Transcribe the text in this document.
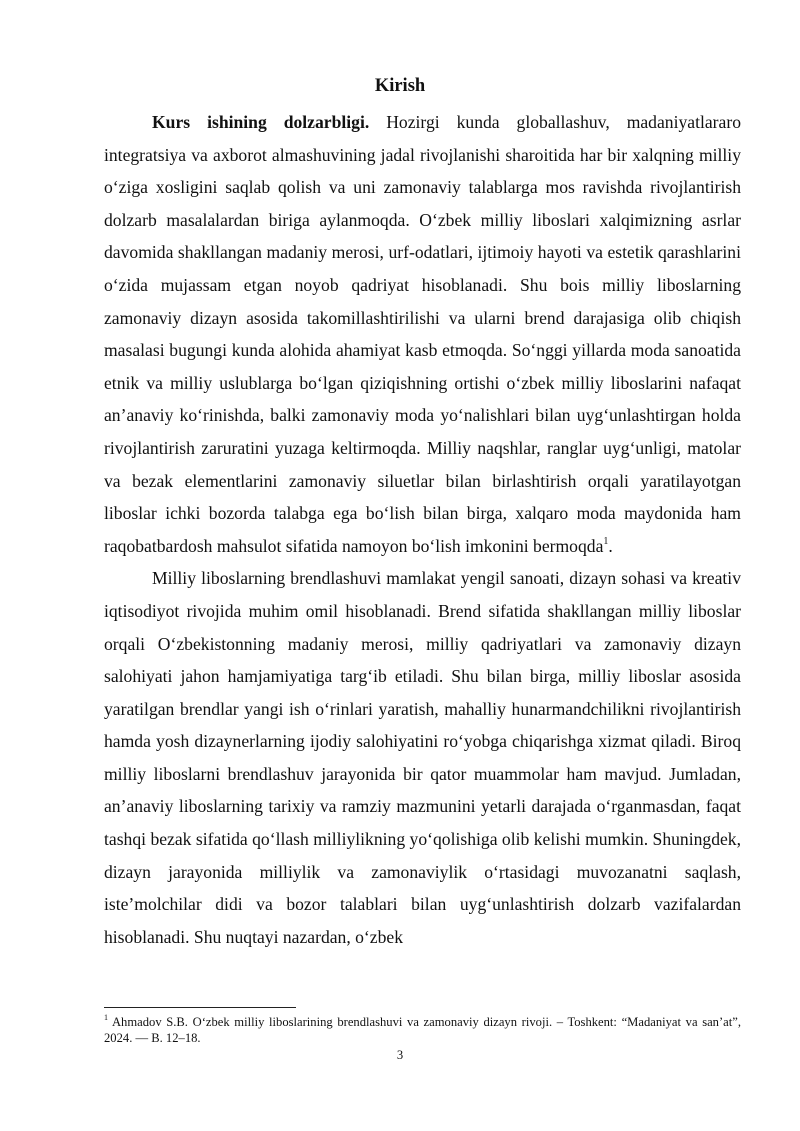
Kirish

Kurs ishining dolzarbligi. Hozirgi kunda globallashuv, madaniyatlararo integratsiya va axborot almashuvining jadal rivojlanishi sharoitida har bir xalqning milliy o‘ziga xosligini saqlab qolish va uni zamonaviy talablarga mos ravishda rivojlantirish dolzarb masalalardan biriga aylanmoqda. O‘zbek milliy liboslari xalqimizning asrlar davomida shakllangan madaniy merosi, urf-odatlari, ijtimoiy hayoti va estetik qarashlarini o‘zida mujassam etgan noyob qadriyat hisoblanadi. Shu bois milliy liboslarning zamonaviy dizayn asosida takomillashtirilishi va ularni brend darajasiga olib chiqish masalasi bugungi kunda alohida ahamiyat kasb etmoqda. So‘nggi yillarda moda sanoatida etnik va milliy uslublarga bo‘lgan qiziqishning ortishi o‘zbek milliy liboslarini nafaqat an’anaviy ko‘rinishda, balki zamonaviy moda yo‘nalishlari bilan uyg‘unlashtirgan holda rivojlantirish zaruratini yuzaga keltirmoqda. Milliy naqshlar, ranglar uyg‘unligi, matolar va bezak elementlarini zamonaviy siluetlar bilan birlashtirish orqali yaratilayotgan liboslar ichki bozorda talabga ega bo‘lish bilan birga, xalqaro moda maydonida ham raqobatbardosh mahsulot sifatida namoyon bo‘lish imkonini bermoqda$^1$.

Milliy liboslarning brendlashuvi mamlakat yengil sanoati, dizayn sohasi va kreativ iqtisodiyot rivojida muhim omil hisoblanadi. Brend sifatida shakllangan milliy liboslar orqali O‘zbekistonning madaniy merosi, milliy qadriyatlari va zamonaviy dizayn salohiyati jahon hamjamiyatiga targ‘ib etiladi. Shu bilan birga, milliy liboslar asosida yaratilgan brendlar yangi ish o‘rinlari yaratish, mahalliy hunarmandchilikni rivojlantirish hamda yosh dizaynerlarning ijodiy salohiyatini ro‘yobga chiqarishga xizmat qiladi. Biroq milliy liboslarni brendlashuv jarayonida bir qator muammolar ham mavjud. Jumladan, an’anaviy liboslarning tarixiy va ramziy mazmunini yetarli darajada o‘rganmasdan, faqat tashqi bezak sifatida qo‘llash milliylikning yo‘qolishiga olib kelishi mumkin. Shuningdek, dizayn jarayonida milliylik va zamonaviylik o‘rtasidagi muvozanatni saqlash, iste’molchilar didi va bozor talablari bilan uyg‘unlashtirish dolzarb vazifalardan hisoblanadi. Shu nuqtayi nazardan, o‘zbek

$^1$ Ahmadov S.B. O‘zbek milliy liboslarining brendlashuvi va zamonaviy dizayn rivoji. – Toshkent: “Madaniyat va san’at”, 2024. — B. 12–18.
3
